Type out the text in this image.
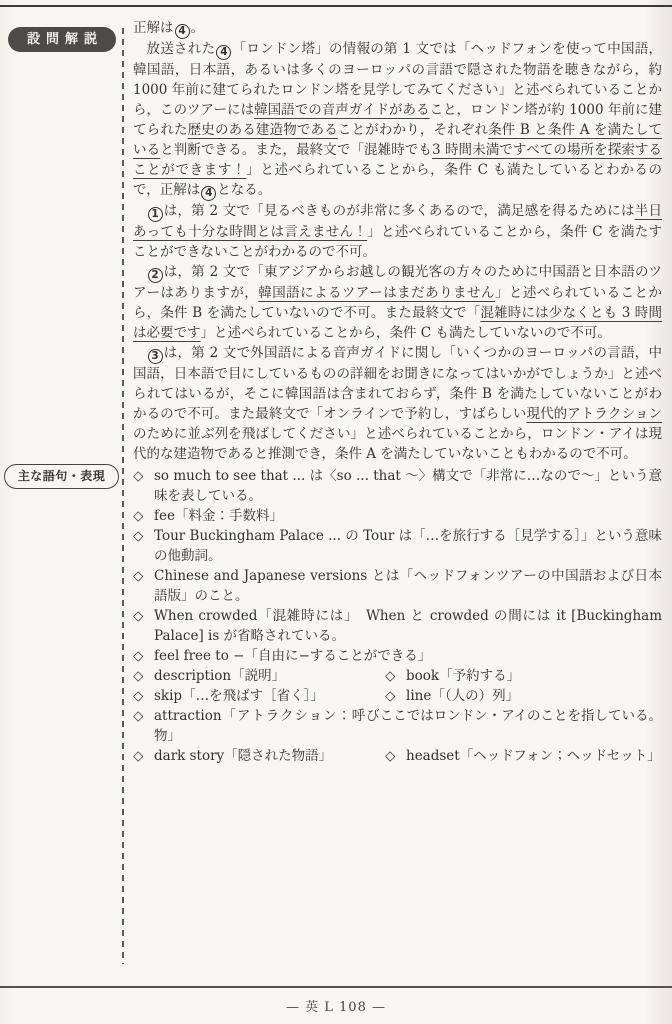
設問解説
主な語句・表現

正解は 4 。

放送された 4 「ロンドン塔」の情報の第 1 文では「ヘッドフォンを使って中国語，韓国語，日本語，あるいは多くのヨーロッパの言語で隠された物語を聴きながら，約 1000 年前に建てられたロンドン塔を見学してみてください」と述べられていることから，このツアーには韓国語での音声ガイドがあること，ロンドン塔が約 1000 年前に建てられた歴史のある建造物であることがわかり，それぞれ条件 B と条件 A を満たしていると判断できる。また，最終文で「混雑時でも3 時間未満ですべての場所を探索することができます！」と述べられていることから，条件 C も満たしているとわかるので，正解は 4 となる。

1 は，第 2 文で「見るべきものが非常に多くあるので，満足感を得るためには半日あっても十分な時間とは言えません！」と述べられていることから，条件 C を満たすことができないことがわかるので不可。

2 は，第 2 文で「東アジアからお越しの観光客の方々のために中国語と日本語のツアーはありますが，韓国語によるツアーはまだありません」と述べられていることから，条件 B を満たしていないので不可。また最終文で「混雑時には少なくとも 3 時間は必要です」と述べられていることから，条件 C も満たしていないので不可。

3 は，第 2 文で外国語による音声ガイドに関し「いくつかのヨーロッパの言語，中国語，日本語で目にしているものの詳細をお聞きになってはいかがでしょうか」と述べられてはいるが，そこに韓国語は含まれておらず，条件 B を満たしていないことがわかるので不可。また最終文で「オンラインで予約し，すばらしい現代的アトラクションのために並ぶ列を飛ばしてください」と述べられていることから，ロンドン・アイは現代的な建造物であると推測でき，条件 A を満たしていないこともわかるので不可。

◇ so much to see that ... は〈so ... that 〜〉構文で「非常に…なので〜」という意味を表している。
◇ fee「料金：手数料」
◇ Tour Buckingham Palace ... の Tour は「…を旅行する［見学する］」という意味の他動詞。
◇ Chinese and Japanese versions とは「ヘッドフォンツアーの中国語および日本語版」のこと。
◇ When crowded「混雑時には」　When と crowded の間には it [Buckingham Palace] is が省略されている。
◇ feel free to −「自由に−することができる」
◇ description「説明」	◇ book「予約する」
◇ skip「…を飛ばす［省く］」	◇ line「（人の）列」
◇ attraction「アトラクション：呼び物」
ここではロンドン・アイのことを指している。
◇ dark story「隠された物語」	◇ headset「ヘッドフォン；ヘッドセット」
— 英 L 108 —
